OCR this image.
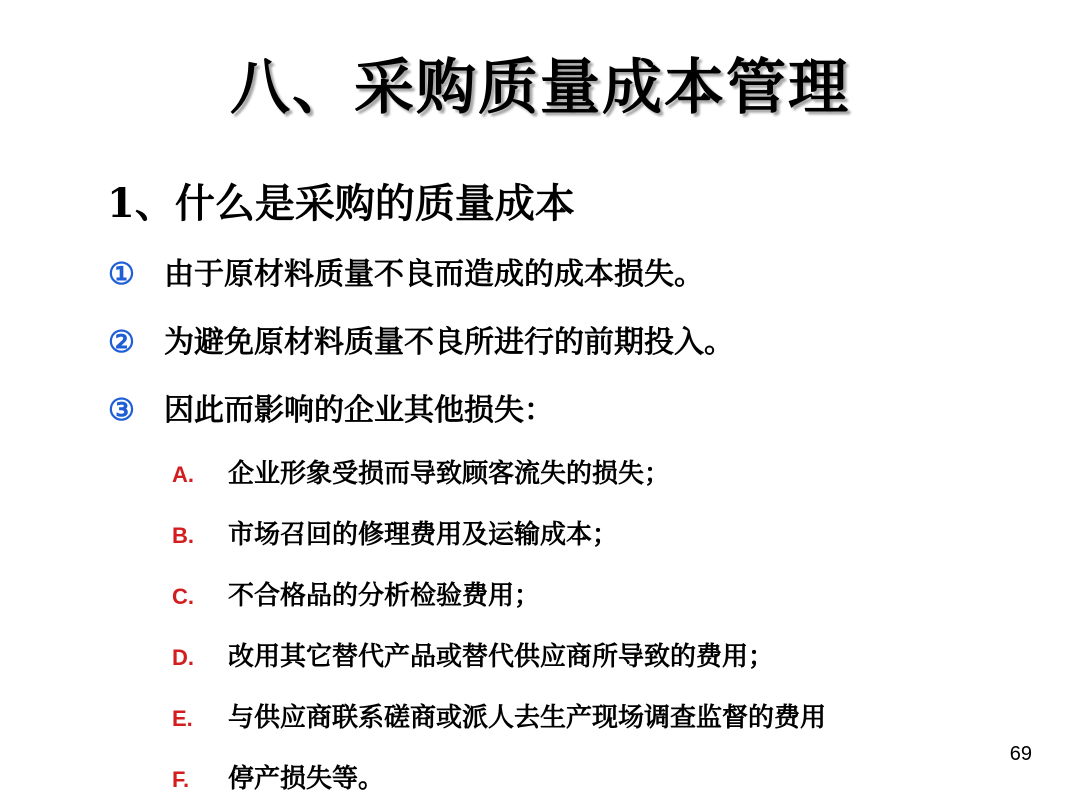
八、采购质量成本管理
1、什么是采购的质量成本
① 由于原材料质量不良而造成的成本损失。
② 为避免原材料质量不良所进行的前期投入。
③ 因此而影响的企业其他损失：
A. 企业形象受损而导致顾客流失的损失；
B. 市场召回的修理费用及运输成本；
C. 不合格品的分析检验费用；
D. 改用其它替代产品或替代供应商所导致的费用；
E. 与供应商联系磋商或派人去生产现场调查监督的费用
F. 停产损失等。
69
